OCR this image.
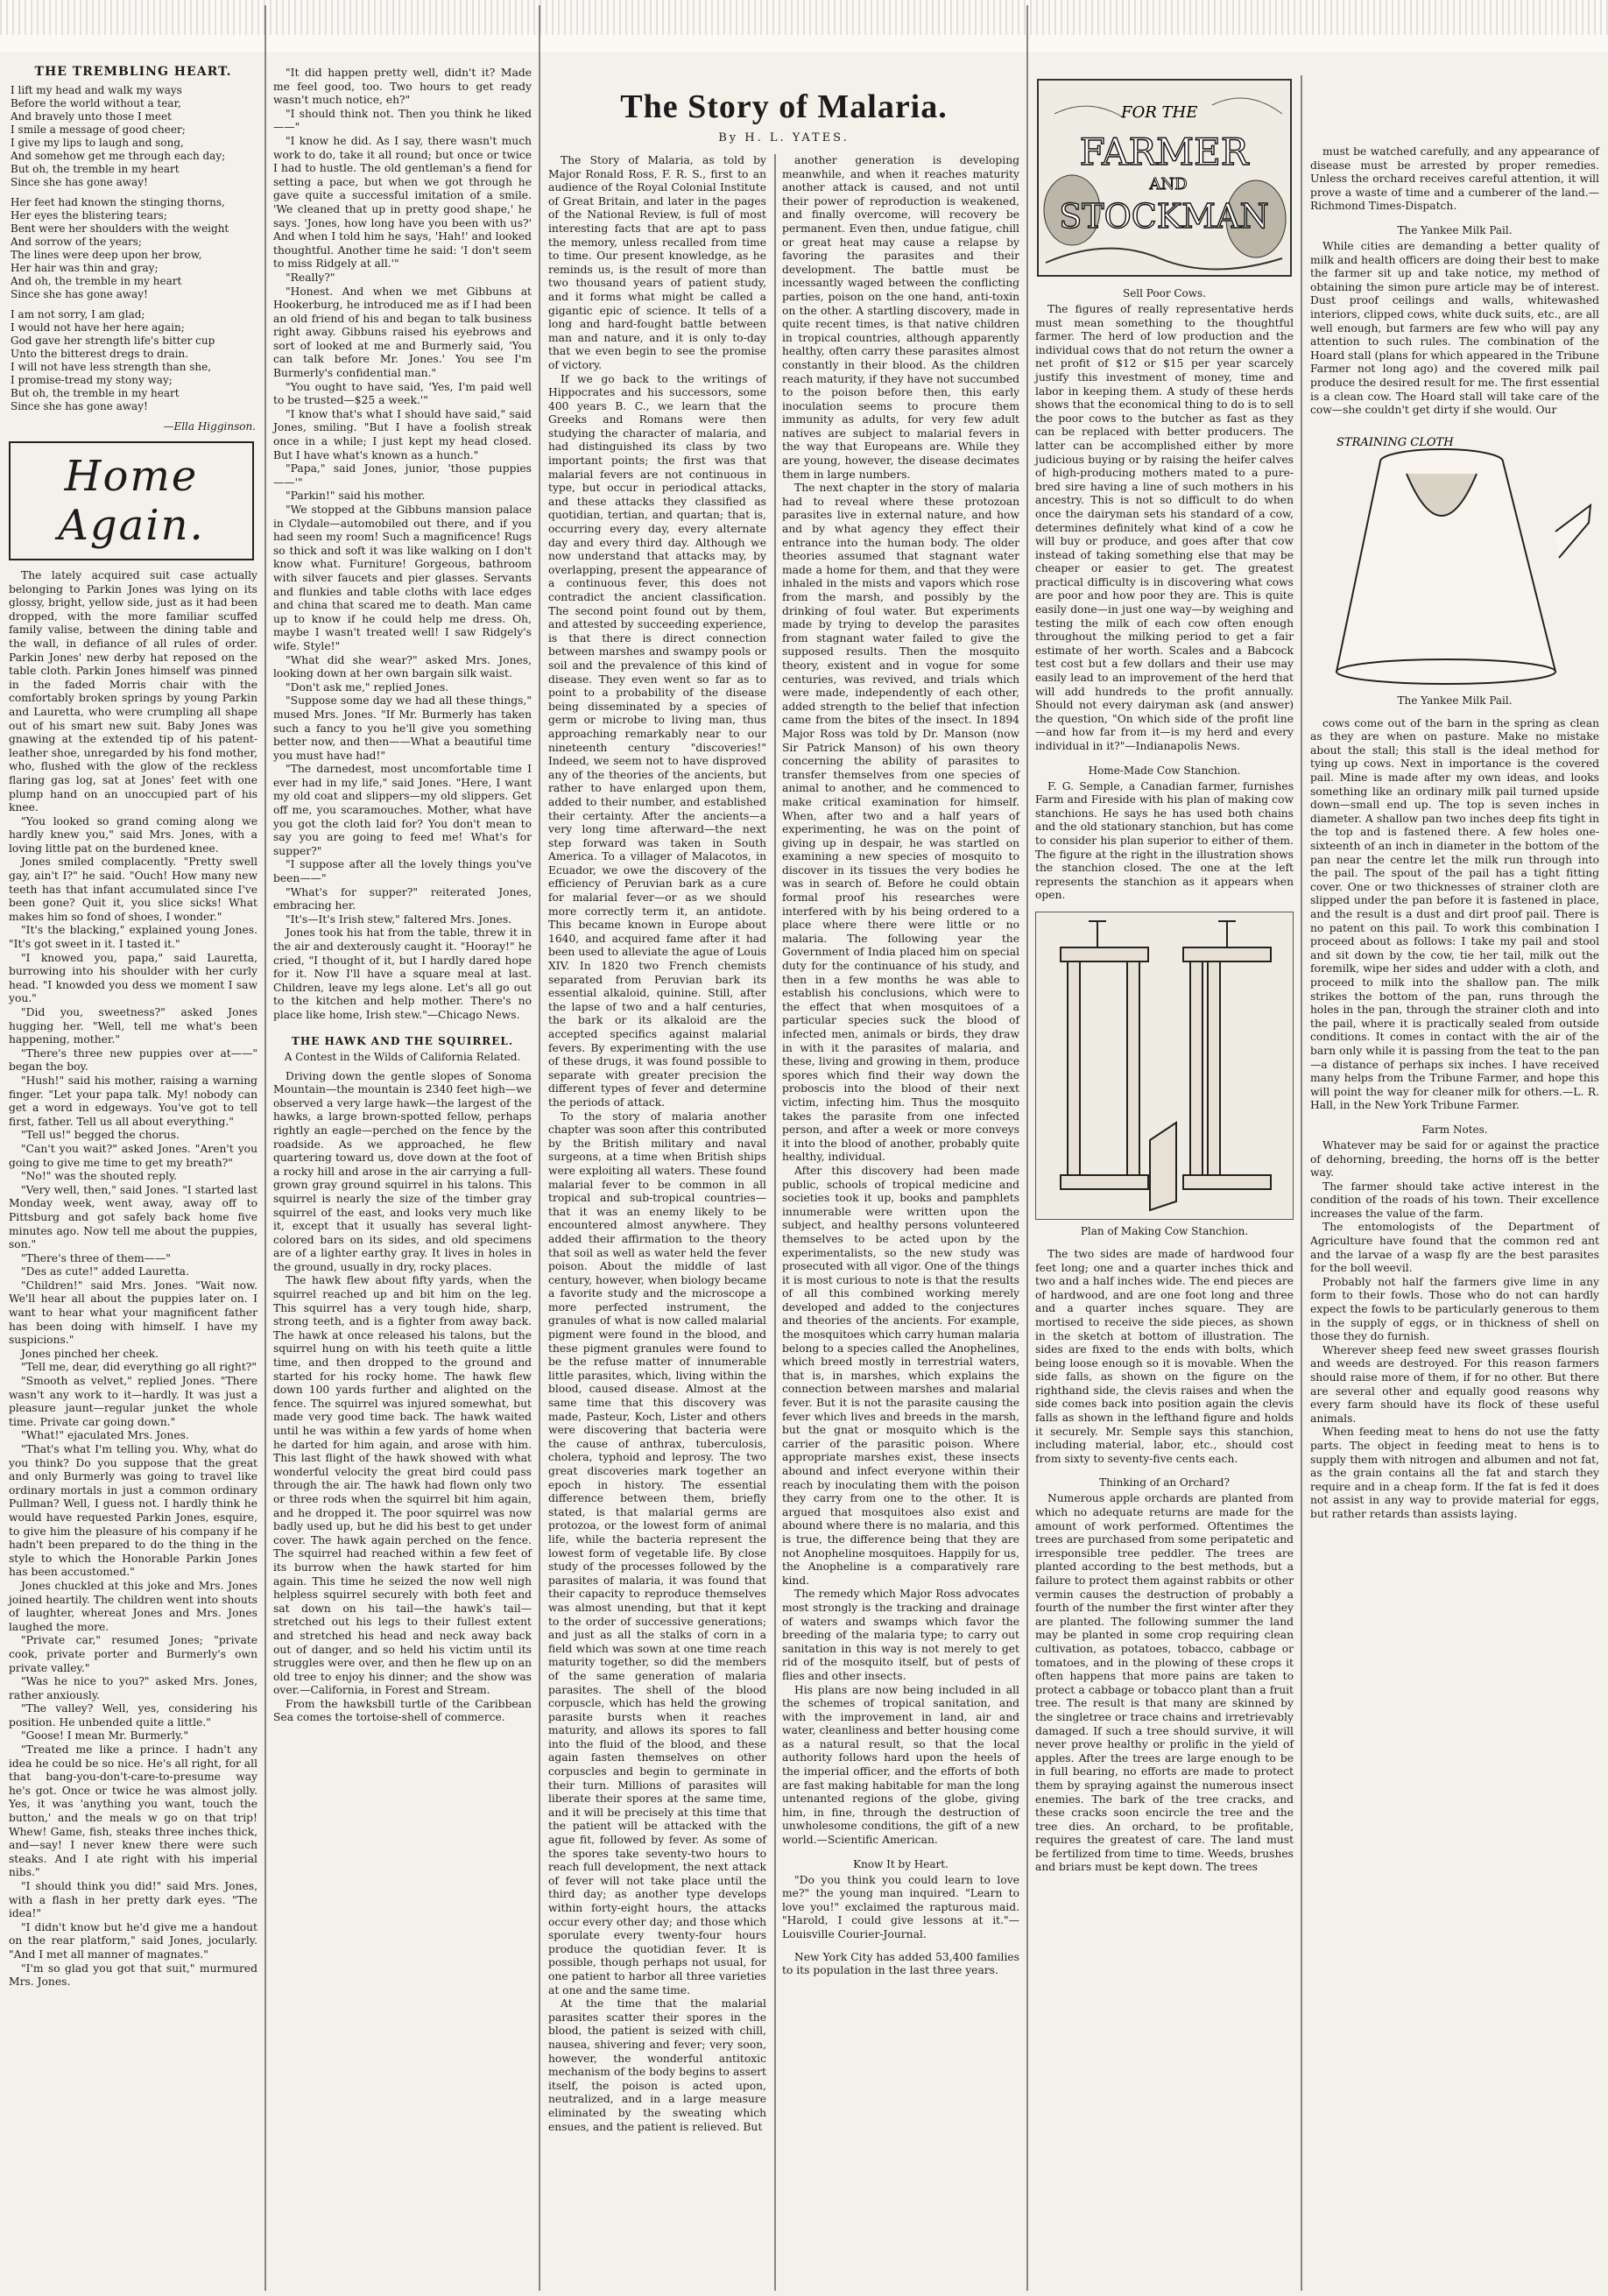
THE TREMBLING HEART.

I lift my head and walk my ways
Before the world without a tear,
And bravely unto those I meet
I smile a message of good cheer;
I give my lips to laugh and song,
And somehow get me through each day;
But oh, the tremble in my heart
Since she has gone away!

Her feet had known the stinging thorns,
Her eyes the blistering tears;
Bent were her shoulders with the weight
And sorrow of the years;
The lines were deep upon her brow,
Her hair was thin and gray;
And oh, the tremble in my heart
Since she has gone away!

I am not sorry, I am glad;
I would not have her here again;
God gave her strength life's bitter cup
Unto the bitterest dregs to drain.
I will not have less strength than she,
I promise-tread my stony way;
But oh, the tremble in my heart
Since she has gone away!

—Ella Higginson.
Home Again.

The lately acquired suit case actually belonging to Parkin Jones was lying on its glossy, bright, yellow side, just as it had been dropped, with the more familiar scuffed family valise, between the dining table and the wall, in defiance of all rules of order. Parkin Jones' new derby hat reposed on the table cloth. Parkin Jones himself was pinned in the faded Morris chair with the comfortably broken springs by young Parkin and Lauretta, who were crumpling all shape out of his smart new suit. Baby Jones was gnawing at the extended tip of his patent-leather shoe, unregarded by his fond mother, who, flushed with the glow of the reckless flaring gas log, sat at Jones' feet with one plump hand on an unoccupied part of his knee.

"You looked so grand coming along we hardly knew you," said Mrs. Jones, with a loving little pat on the burdened knee.

Jones smiled complacently. "Pretty swell gay, ain't I?" he said. "Ouch! How many new teeth has that infant accumulated since I've been gone? Quit it, you slice sicks! What makes him so fond of shoes, I wonder."

"It's the blacking," explained young Jones. "It's got sweet in it. I tasted it."

"I knowed you, papa," said Lauretta, burrowing into his shoulder with her curly head. "I knowded you dess we moment I saw you."

"Did you, sweetness?" asked Jones hugging her. "Well, tell me what's been happening, mother."

"There's three new puppies over at——" began the boy.

"Hush!" said his mother, raising a warning finger. "Let your papa talk. My! nobody can get a word in edgeways. You've got to tell first, father. Tell us all about everything."

"Tell us!" begged the chorus.

"Can't you wait?" asked Jones. "Aren't you going to give me time to get my breath?"

"No!" was the shouted reply.

"Very well, then," said Jones. "I started last Monday week, went away, away off to Pittsburg and got safely back home five minutes ago. Now tell me about the puppies, son."

"There's three of them——"

"Des as cute!" added Lauretta.

"Children!" said Mrs. Jones. "Wait now. We'll hear all about the puppies later on. I want to hear what your magnificent father has been doing with himself. I have my suspicions."

Jones pinched her cheek.

"Tell me, dear, did everything go all right?"

"Smooth as velvet," replied Jones. "There wasn't any work to it—hardly. It was just a pleasure jaunt—regular junket the whole time. Private car going down."

"What!" ejaculated Mrs. Jones.

"That's what I'm telling you. Why, what do you think? Do you suppose that the great and only Burmerly was going to travel like ordinary mortals in just a common ordinary Pullman? Well, I guess not. I hardly think he would have requested Parkin Jones, esquire, to give him the pleasure of his company if he hadn't been prepared to do the thing in the style to which the Honorable Parkin Jones has been accustomed."

Jones chuckled at this joke and Mrs. Jones joined heartily. The children went into shouts of laughter, whereat Jones and Mrs. Jones laughed the more.

"Private car," resumed Jones; "private cook, private porter and Burmerly's own private valley."

"Was he nice to you?" asked Mrs. Jones, rather anxiously.

"The valley? Well, yes, considering his position. He unbended quite a little."

"Goose! I mean Mr. Burmerly."

"Treated me like a prince. I hadn't any idea he could be so nice. He's all right, for all that bang-you-don't-care-to-presume way he's got. Once or twice he was almost jolly. Yes, it was 'anything you want, touch the button,' and the meals w go on that trip! Whew! Game, fish, steaks three inches thick, and—say! I never knew there were such steaks. And I ate right with his imperial nibs."

"I should think you did!" said Mrs. Jones, with a flash in her pretty dark eyes. "The idea!"

"I didn't know but he'd give me a handout on the rear platform," said Jones, jocularly. "And I met all manner of magnates."

"I'm so glad you got that suit," murmured Mrs. Jones.

"It did happen pretty well, didn't it? Made me feel good, too. Two hours to get ready wasn't much notice, eh?"

"I should think not. Then you think he liked——"

"I know he did. As I say, there wasn't much work to do, take it all round; but once or twice I had to hustle. The old gentleman's a fiend for setting a pace, but when we got through he gave quite a successful imitation of a smile. 'We cleaned that up in pretty good shape,' he says. 'Jones, how long have you been with us?' And when I told him he says, 'Hah!' and looked thoughtful. Another time he said: 'I don't seem to miss Ridgely at all.'"

"Really?"

"Honest. And when we met Gibbuns at Hookerburg, he introduced me as if I had been an old friend of his and began to talk business right away. Gibbuns raised his eyebrows and sort of looked at me and Burmerly said, 'You can talk before Mr. Jones.' You see I'm Burmerly's confidential man."

"You ought to have said, 'Yes, I'm paid well to be trusted—$25 a week.'"

"I know that's what I should have said," said Jones, smiling. "But I have a foolish streak once in a while; I just kept my head closed. But I have what's known as a hunch."

"Papa," said Jones, junior, 'those puppies——'"

"Parkin!" said his mother.

"We stopped at the Gibbuns mansion palace in Clydale—automobiled out there, and if you had seen my room! Such a magnificence! Rugs so thick and soft it was like walking on I don't know what. Furniture! Gorgeous, bathroom with silver faucets and pier glasses. Servants and flunkies and table cloths with lace edges and china that scared me to death. Man came up to know if he could help me dress. Oh, maybe I wasn't treated well! I saw Ridgely's wife. Style!"

"What did she wear?" asked Mrs. Jones, looking down at her own bargain silk waist.

"Don't ask me," replied Jones.

"Suppose some day we had all these things," mused Mrs. Jones. "If Mr. Burmerly has taken such a fancy to you he'll give you something better now, and then——What a beautiful time you must have had!"

"The darnedest, most uncomfortable time I ever had in my life," said Jones. "Here, I want my old coat and slippers—my old slippers. Get off me, you scaramouches. Mother, what have you got the cloth laid for? You don't mean to say you are going to feed me! What's for supper?"

"I suppose after all the lovely things you've been——"

"What's for supper?" reiterated Jones, embracing her.

"It's—It's Irish stew," faltered Mrs. Jones.

Jones took his hat from the table, threw it in the air and dexterously caught it. "Hooray!" he cried, "I thought of it, but I hardly dared hope for it. Now I'll have a square meal at last. Children, leave my legs alone. Let's all go out to the kitchen and help mother. There's no place like home, Irish stew."—Chicago News.

THE HAWK AND THE SQUIRREL.
A Contest in the Wilds of California Related.

Driving down the gentle slopes of Sonoma Mountain—the mountain is 2340 feet high—we observed a very large hawk—the largest of the hawks, a large brown-spotted fellow, perhaps rightly an eagle—perched on the fence by the roadside. As we approached, he flew quartering toward us, dove down at the foot of a rocky hill and arose in the air carrying a full-grown gray ground squirrel in his talons. This squirrel is nearly the size of the timber gray squirrel of the east, and looks very much like it, except that it usually has several light-colored bars on its sides, and old specimens are of a lighter earthy gray. It lives in holes in the ground, usually in dry, rocky places.

The hawk flew about fifty yards, when the squirrel reached up and bit him on the leg. This squirrel has a very tough hide, sharp, strong teeth, and is a fighter from away back. The hawk at once released his talons, but the squirrel hung on with his teeth quite a little time, and then dropped to the ground and started for his rocky home. The hawk flew down 100 yards further and alighted on the fence. The squirrel was injured somewhat, but made very good time back. The hawk waited until he was within a few yards of home when he darted for him again, and arose with him. This last flight of the hawk showed with what wonderful velocity the great bird could pass through the air. The hawk had flown only two or three rods when the squirrel bit him again, and he dropped it. The poor squirrel was now badly used up, but he did his best to get under cover. The hawk again perched on the fence. The squirrel had reached within a few feet of its burrow when the hawk started for him again. This time he seized the now well nigh helpless squirrel securely with both feet and sat down on his tail—the hawk's tail—stretched out his legs to their fullest extent and stretched his head and neck away back out of danger, and so held his victim until its struggles were over, and then he flew up on an old tree to enjoy his dinner; and the show was over.—California, in Forest and Stream.

From the hawksbill turtle of the Caribbean Sea comes the tortoise-shell of commerce.

The Story of Malaria.
By H. L. YATES.

The Story of Malaria, as told by Major Ronald Ross, F. R. S., first to an audience of the Royal Colonial Institute of Great Britain, and later in the pages of the National Review, is full of most interesting facts that are apt to pass the memory, unless recalled from time to time. Our present knowledge, as he reminds us, is the result of more than two thousand years of patient study, and it forms what might be called a gigantic epic of science. It tells of a long and hard-fought battle between man and nature, and it is only to-day that we even begin to see the promise of victory.

If we go back to the writings of Hippocrates and his successors, some 400 years B. C., we learn that the Greeks and Romans were then studying the character of malaria, and had distinguished its class by two important points; the first was that malarial fevers are not continuous in type, but occur in periodical attacks, and these attacks they classified as quotidian, tertian, and quartan; that is, occurring every day, every alternate day and every third day. Although we now understand that attacks may, by overlapping, present the appearance of a continuous fever, this does not contradict the ancient classification. The second point found out by them, and attested by succeeding experience, is that there is direct connection between marshes and swampy pools or soil and the prevalence of this kind of disease. They even went so far as to point to a probability of the disease being disseminated by a species of germ or microbe to living man, thus approaching remarkably near to our nineteenth century "discoveries!" Indeed, we seem not to have disproved any of the theories of the ancients, but rather to have enlarged upon them, added to their number, and established their certainty. After the ancients—a very long time afterward—the next step forward was taken in South America. To a villager of Malacotos, in Ecuador, we owe the discovery of the efficiency of Peruvian bark as a cure for malarial fever—or as we should more correctly term it, an antidote. This became known in Europe about 1640, and acquired fame after it had been used to alleviate the ague of Louis XIV. In 1820 two French chemists separated from Peruvian bark its essential alkaloid, quinine. Still, after the lapse of two and a half centuries, the bark or its alkaloid are the accepted specifics against malarial fevers. By experimenting with the use of these drugs, it was found possible to separate with greater precision the different types of fever and determine the periods of attack.

To the story of malaria another chapter was soon after this contributed by the British military and naval surgeons, at a time when British ships were exploiting all waters. These found malarial fever to be common in all tropical and sub-tropical countries—that it was an enemy likely to be encountered almost anywhere. They added their affirmation to the theory that soil as well as water held the fever poison. About the middle of last century, however, when biology became a favorite study and the microscope a more perfected instrument, the granules of what is now called malarial pigment were found in the blood, and these pigment granules were found to be the refuse matter of innumerable little parasites, which, living within the blood, caused disease. Almost at the same time that this discovery was made, Pasteur, Koch, Lister and others were discovering that bacteria were the cause of anthrax, tuberculosis, cholera, typhoid and leprosy. The two great discoveries mark together an epoch in history. The essential difference between them, briefly stated, is that malarial germs are protozoa, or the lowest form of animal life, while the bacteria represent the lowest form of vegetable life. By close study of the processes followed by the parasites of malaria, it was found that their capacity to reproduce themselves was almost unending, but that it kept to the order of successive generations; and just as all the stalks of corn in a field which was sown at one time reach maturity together, so did the members of the same generation of malaria parasites. The shell of the blood corpuscle, which has held the growing parasite bursts when it reaches maturity, and allows its spores to fall into the fluid of the blood, and these again fasten themselves on other corpuscles and begin to germinate in their turn. Millions of parasites will liberate their spores at the same time, and it will be precisely at this time that the patient will be attacked with the ague fit, followed by fever. As some of the spores take seventy-two hours to reach full development, the next attack of fever will not take place until the third day; as another type develops within forty-eight hours, the attacks occur every other day; and those which sporulate every twenty-four hours produce the quotidian fever. It is possible, though perhaps not usual, for one patient to harbor all three varieties at one and the same time.

At the time that the malarial parasites scatter their spores in the blood, the patient is seized with chill, nausea, shivering and fever; very soon, however, the wonderful antitoxic mechanism of the body begins to assert itself, the poison is acted upon, neutralized, and in a large measure eliminated by the sweating which ensues, and the patient is relieved. But

another generation is developing meanwhile, and when it reaches maturity another attack is caused, and not until their power of reproduction is weakened, and finally overcome, will recovery be permanent. Even then, undue fatigue, chill or great heat may cause a relapse by favoring the parasites and their development. The battle must be incessantly waged between the conflicting parties, poison on the one hand, anti-toxin on the other. A startling discovery, made in quite recent times, is that native children in tropical countries, although apparently healthy, often carry these parasites almost constantly in their blood. As the children reach maturity, if they have not succumbed to the poison before then, this early inoculation seems to procure them immunity as adults, for very few adult natives are subject to malarial fevers in the way that Europeans are. While they are young, however, the disease decimates them in large numbers.

The next chapter in the story of malaria had to reveal where these protozoan parasites live in external nature, and how and by what agency they effect their entrance into the human body. The older theories assumed that stagnant water made a home for them, and that they were inhaled in the mists and vapors which rose from the marsh, and possibly by the drinking of foul water. But experiments made by trying to develop the parasites from stagnant water failed to give the supposed results. Then the mosquito theory, existent and in vogue for some centuries, was revived, and trials which were made, independently of each other, added strength to the belief that infection came from the bites of the insect. In 1894 Major Ross was told by Dr. Manson (now Sir Patrick Manson) of his own theory concerning the ability of parasites to transfer themselves from one species of animal to another, and he commenced to make critical examination for himself. When, after two and a half years of experimenting, he was on the point of giving up in despair, he was startled on examining a new species of mosquito to discover in its tissues the very bodies he was in search of. Before he could obtain formal proof his researches were interfered with by his being ordered to a place where there were little or no malaria. The following year the Government of India placed him on special duty for the continuance of his study, and then in a few months he was able to establish his conclusions, which were to the effect that when mosquitoes of a particular species suck the blood of infected men, animals or birds, they draw in with it the parasites of malaria, and these, living and growing in them, produce spores which find their way down the proboscis into the blood of their next victim, infecting him. Thus the mosquito takes the parasite from one infected person, and after a week or more conveys it into the blood of another, probably quite healthy, individual.

After this discovery had been made public, schools of tropical medicine and societies took it up, books and pamphlets innumerable were written upon the subject, and healthy persons volunteered themselves to be acted upon by the experimentalists, so the new study was prosecuted with all vigor. One of the things it is most curious to note is that the results of all this combined working merely developed and added to the conjectures and theories of the ancients. For example, the mosquitoes which carry human malaria belong to a species called the Anophelines, which breed mostly in terrestrial waters, that is, in marshes, which explains the connection between marshes and malarial fever. But it is not the parasite causing the fever which lives and breeds in the marsh, but the gnat or mosquito which is the carrier of the parasitic poison. Where appropriate marshes exist, these insects abound and infect everyone within their reach by inoculating them with the poison they carry from one to the other. It is argued that mosquitoes also exist and abound where there is no malaria, and this is true, the difference being that they are not Anopheline mosquitoes. Happily for us, the Anopheline is a comparatively rare kind.

The remedy which Major Ross advocates most strongly is the tracking and drainage of waters and swamps which favor the breeding of the malaria type; to carry out sanitation in this way is not merely to get rid of the mosquito itself, but of pests of flies and other insects.

His plans are now being included in all the schemes of tropical sanitation, and with the improvement in land, air and water, cleanliness and better housing come as a natural result, so that the local authority follows hard upon the heels of the imperial officer, and the efforts of both are fast making habitable for man the long untenanted regions of the globe, giving him, in fine, through the destruction of unwholesome conditions, the gift of a new world.—Scientific American.

Know It by Heart.

"Do you think you could learn to love me?" the young man inquired. "Learn to love you!" exclaimed the rapturous maid. "Harold, I could give lessons at it."—Louisville Courier-Journal.

New York City has added 53,400 families to its population in the last three years.

FOR THE
FARMER
AND
STOCKMAN
Sell Poor Cows.

The figures of really representative herds must mean something to the thoughtful farmer. The herd of low production and the individual cows that do not return the owner a net profit of $12 or $15 per year scarcely justify this investment of money, time and labor in keeping them. A study of these herds shows that the economical thing to do is to sell the poor cows to the butcher as fast as they can be replaced with better producers. The latter can be accomplished either by more judicious buying or by raising the heifer calves of high-producing mothers mated to a pure-bred sire having a line of such mothers in his ancestry. This is not so difficult to do when once the dairyman sets his standard of a cow, determines definitely what kind of a cow he will buy or produce, and goes after that cow instead of taking something else that may be cheaper or easier to get. The greatest practical difficulty is in discovering what cows are poor and how poor they are. This is quite easily done—in just one way—by weighing and testing the milk of each cow often enough throughout the milking period to get a fair estimate of her worth. Scales and a Babcock test cost but a few dollars and their use may easily lead to an improvement of the herd that will add hundreds to the profit annually. Should not every dairyman ask (and answer) the question, "On which side of the profit line—and how far from it—is my herd and every individual in it?"—Indianapolis News.

Home-Made Cow Stanchion.

F. G. Semple, a Canadian farmer, furnishes Farm and Fireside with his plan of making cow stanchions. He says he has used both chains and the old stationary stanchion, but has come to consider his plan superior to either of them. The figure at the right in the illustration shows the stanchion closed. The one at the left represents the stanchion as it appears when open.

Plan of Making Cow Stanchion.

The two sides are made of hardwood four feet long; one and a quarter inches thick and two and a half inches wide. The end pieces are of hardwood, and are one foot long and three and a quarter inches square. They are mortised to receive the side pieces, as shown in the sketch at bottom of illustration. The sides are fixed to the ends with bolts, which being loose enough so it is movable. When the side falls, as shown on the figure on the righthand side, the clevis raises and when the side comes back into position again the clevis falls as shown in the lefthand figure and holds it securely. Mr. Semple says this stanchion, including material, labor, etc., should cost from sixty to seventy-five cents each.

Thinking of an Orchard?

Numerous apple orchards are planted from which no adequate returns are made for the amount of work performed. Oftentimes the trees are purchased from some peripatetic and irresponsible tree peddler. The trees are planted according to the best methods, but a failure to protect them against rabbits or other vermin causes the destruction of probably a fourth of the number the first winter after they are planted. The following summer the land may be planted in some crop requiring clean cultivation, as potatoes, tobacco, cabbage or tomatoes, and in the plowing of these crops it often happens that more pains are taken to protect a cabbage or tobacco plant than a fruit tree. The result is that many are skinned by the singletree or trace chains and irretrievably damaged. If such a tree should survive, it will never prove healthy or prolific in the yield of apples. After the trees are large enough to be in full bearing, no efforts are made to protect them by spraying against the numerous insect enemies. The bark of the tree cracks, and these cracks soon encircle the tree and the tree dies. An orchard, to be profitable, requires the greatest of care. The land must be fertilized from time to time. Weeds, brushes and briars must be kept down. The trees

must be watched carefully, and any appearance of disease must be arrested by proper remedies. Unless the orchard receives careful attention, it will prove a waste of time and a cumberer of the land.—Richmond Times-Dispatch.

The Yankee Milk Pail.

While cities are demanding a better quality of milk and health officers are doing their best to make the farmer sit up and take notice, my method of obtaining the simon pure article may be of interest. Dust proof ceilings and walls, whitewashed interiors, clipped cows, white duck suits, etc., are all well enough, but farmers are few who will pay any attention to such rules. The combination of the Hoard stall (plans for which appeared in the Tribune Farmer not long ago) and the covered milk pail produce the desired result for me. The first essential is a clean cow. The Hoard stall will take care of the cow—she couldn't get dirty if she would. Our

STRAINING CLOTH
The Yankee Milk Pail.

cows come out of the barn in the spring as clean as they are when on pasture. Make no mistake about the stall; this stall is the ideal method for tying up cows. Next in importance is the covered pail. Mine is made after my own ideas, and looks something like an ordinary milk pail turned upside down—small end up. The top is seven inches in diameter. A shallow pan two inches deep fits tight in the top and is fastened there. A few holes one-sixteenth of an inch in diameter in the bottom of the pan near the centre let the milk run through into the pail. The spout of the pail has a tight fitting cover. One or two thicknesses of strainer cloth are slipped under the pan before it is fastened in place, and the result is a dust and dirt proof pail. There is no patent on this pail. To work this combination I proceed about as follows: I take my pail and stool and sit down by the cow, tie her tail, milk out the foremilk, wipe her sides and udder with a cloth, and proceed to milk into the shallow pan. The milk strikes the bottom of the pan, runs through the holes in the pan, through the strainer cloth and into the pail, where it is practically sealed from outside conditions. It comes in contact with the air of the barn only while it is passing from the teat to the pan—a distance of perhaps six inches. I have received many helps from the Tribune Farmer, and hope this will point the way for cleaner milk for others.—L. R. Hall, in the New York Tribune Farmer.

Farm Notes.

Whatever may be said for or against the practice of dehorning, breeding, the horns off is the better way.

The farmer should take active interest in the condition of the roads of his town. Their excellence increases the value of the farm.

The entomologists of the Department of Agriculture have found that the common red ant and the larvae of a wasp fly are the best parasites for the boll weevil.

Probably not half the farmers give lime in any form to their fowls. Those who do not can hardly expect the fowls to be particularly generous to them in the supply of eggs, or in thickness of shell on those they do furnish.

Wherever sheep feed new sweet grasses flourish and weeds are destroyed. For this reason farmers should raise more of them, if for no other. But there are several other and equally good reasons why every farm should have its flock of these useful animals.

When feeding meat to hens do not use the fatty parts. The object in feeding meat to hens is to supply them with nitrogen and albumen and not fat, as the grain contains all the fat and starch they require and in a cheap form. If the fat is fed it does not assist in any way to provide material for eggs, but rather retards than assists laying.
